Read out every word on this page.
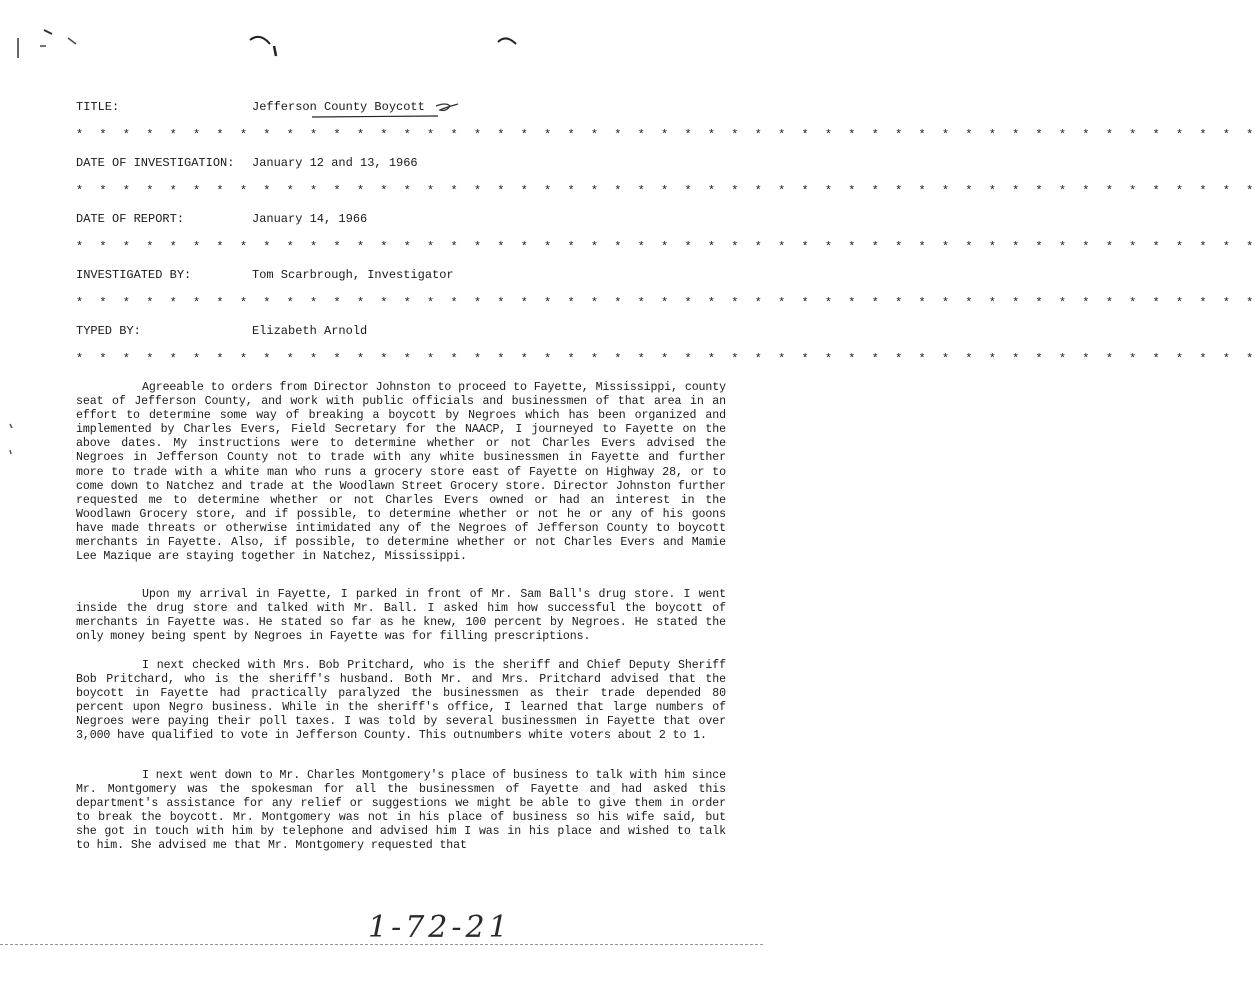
TITLE:	Jefferson County Boycott
* * * * * * * * * * * * * * * * * * * * * * * * * * * * * * * * * * * * * * * * * * * * * * * * * * *
DATE OF INVESTIGATION: January 12 and 13, 1966
* * * * * * * * * * * * * * * * * * * * * * * * * * * * * * * * * * * * * * * * * * * * * * * * * * *
DATE OF REPORT:	January 14, 1966
* * * * * * * * * * * * * * * * * * * * * * * * * * * * * * * * * * * * * * * * * * * * * * * * * * *
INVESTIGATED BY:	Tom Scarbrough, Investigator
* * * * * * * * * * * * * * * * * * * * * * * * * * * * * * * * * * * * * * * * * * * * * * * * * * *
TYPED BY:	Elizabeth Arnold
* * * * * * * * * * * * * * * * * * * * * * * * * * * * * * * * * * * * * * * * * * * * * * * * * * *
Agreeable to orders from Director Johnston to proceed to Fayette, Mississippi, county seat of Jefferson County, and work with public officials and businessmen of that area in an effort to determine some way of breaking a boycott by Negroes which has been organized and implemented by Charles Evers, Field Secretary for the NAACP, I journeyed to Fayette on the above dates. My instructions were to determine whether or not Charles Evers advised the Negroes in Jefferson County not to trade with any white businessmen in Fayette and further more to trade with a white man who runs a grocery store east of Fayette on Highway 28, or to come down to Natchez and trade at the Woodlawn Street Grocery store. Director Johnston further requested me to determine whether or not Charles Evers owned or had an interest in the Woodlawn Grocery store, and if possible, to determine whether or not he or any of his goons have made threats or otherwise intimidated any of the Negroes of Jefferson County to boycott merchants in Fayette. Also, if possible, to determine whether or not Charles Evers and Mamie Lee Mazique are staying together in Natchez, Mississippi.
Upon my arrival in Fayette, I parked in front of Mr. Sam Ball's drug store. I went inside the drug store and talked with Mr. Ball. I asked him how successful the boycott of merchants in Fayette was. He stated so far as he knew, 100 percent by Negroes. He stated the only money being spent by Negroes in Fayette was for filling prescriptions.
I next checked with Mrs. Bob Pritchard, who is the sheriff and Chief Deputy Sheriff Bob Pritchard, who is the sheriff's husband. Both Mr. and Mrs. Pritchard advised that the boycott in Fayette had practically paralyzed the businessmen as their trade depended 80 percent upon Negro business. While in the sheriff's office, I learned that large numbers of Negroes were paying their poll taxes. I was told by several businessmen in Fayette that over 3,000 have qualified to vote in Jefferson County. This outnumbers white voters about 2 to 1.
I next went down to Mr. Charles Montgomery's place of business to talk with him since Mr. Montgomery was the spokesman for all the businessmen of Fayette and had asked this department's assistance for any relief or suggestions we might be able to give them in order to break the boycott. Mr. Montgomery was not in his place of business so his wife said, but she got in touch with him by telephone and advised him I was in his place and wished to talk to him. She advised me that Mr. Montgomery requested that
1-72-21
